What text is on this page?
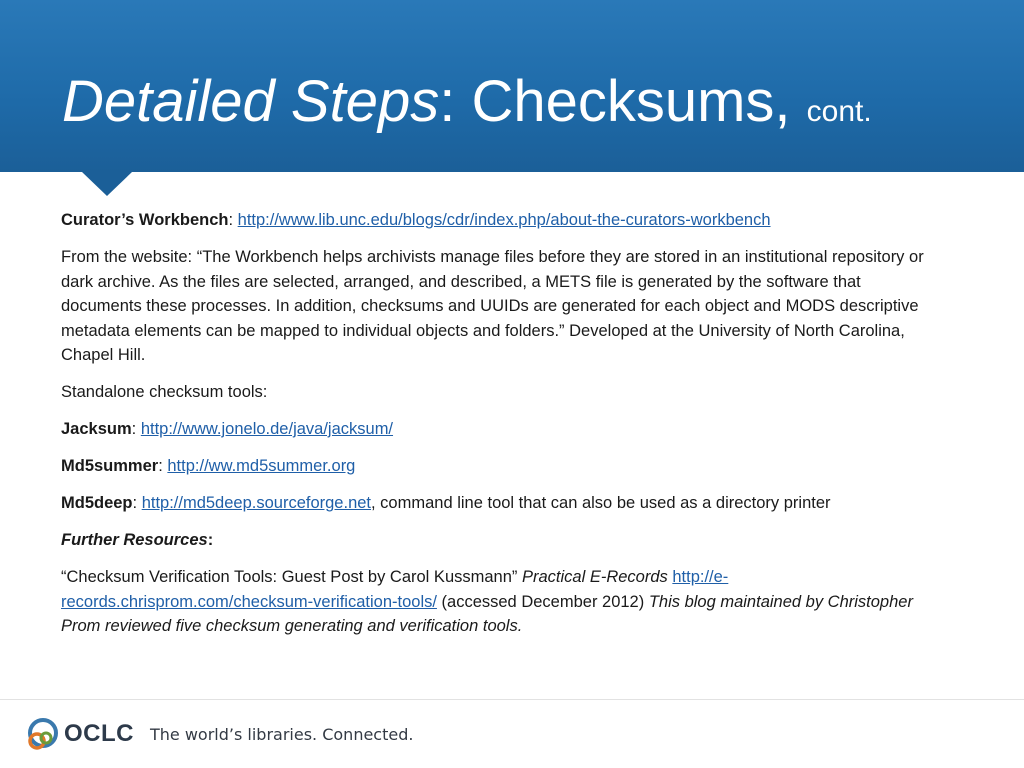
Detailed Steps: Checksums, cont.

Curator’s Workbench: http://www.lib.unc.edu/blogs/cdr/index.php/about-the-curators-workbench

From the website: “The Workbench helps archivists manage files before they are stored in an institutional repository or dark archive. As the files are selected, arranged, and described, a METS file is generated by the software that documents these processes. In addition, checksums and UUIDs are generated for each object and MODS descriptive metadata elements can be mapped to individual objects and folders.” Developed at the University of North Carolina, Chapel Hill.

Standalone checksum tools:

Jacksum: http://www.jonelo.de/java/jacksum/

Md5summer: http://ww.md5summer.org

Md5deep: http://md5deep.sourceforge.net, command line tool that can also be used as a directory printer

Further Resources:

“Checksum Verification Tools: Guest Post by Carol Kussmann” Practical E-Records http://e-records.chrisprom.com/checksum-verification-tools/ (accessed December 2012) This blog maintained by Christopher Prom reviewed five checksum generating and verification tools.

OCLC The world’s libraries. Connected.
